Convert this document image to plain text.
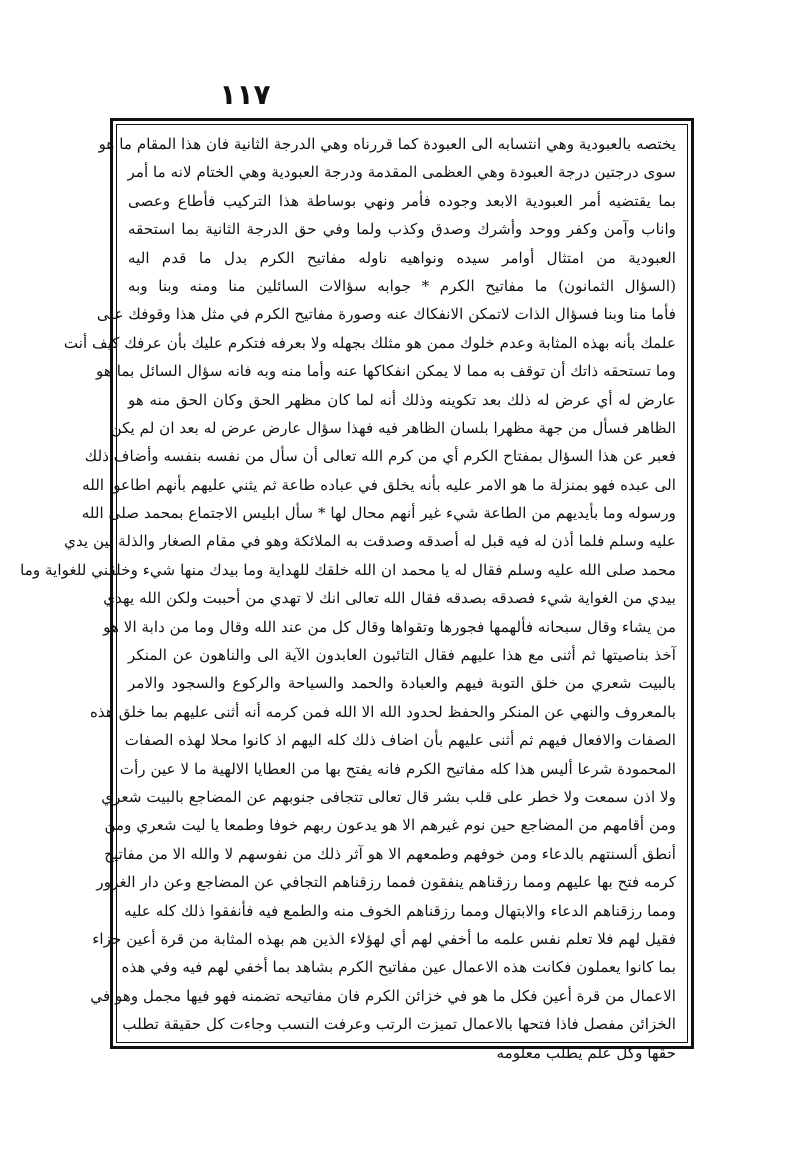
١١٧
يختصه بالعبودية وهي انتسابه الى العبودة كما قررناه وهي الدرجة الثانية فان هذا المقام ما هو
سوى درجتين درجة العبودة وهي العظمى المقدمة ودرجة العبودية وهي الختام لانه ما أمر
بما يقتضيه أمر العبودية الابعد وجوده فأمر ونهي بوساطة هذا التركيب فأطاع وعصى
واناب وآمن وكفر ووحد وأشرك وصدق وكذب ولما وفي حق الدرجة الثانية بما استحقه
العبودية من امتثال أوامر سيده ونواهيه ناوله مفاتيح الكرم بدل ما قدم اليه
(السؤال الثمانون) ما مفاتيح الكرم * جوابه سؤالات السائلين منا ومنه وبنا وبه
فأما منا وبنا فسؤال الذات لاتمكن الانفكاك عنه وصورة مفاتيح الكرم في مثل هذا وقوفك على
علمك بأنه بهذه المثابة وعدم خلوك ممن هو مثلك بجهله ولا بعرفه فتكرم عليك بأن عرفك كيف أنت
وما تستحقه ذاتك أن توقف به مما لا يمكن انفكاكها عنه وأما منه وبه فانه سؤال السائل بما هو
عارض له أي عرض له ذلك بعد تكوينه وذلك أنه لما كان مظهر الحق وكان الحق منه هو
الظاهر فسأل من جهة مظهرا بلسان الظاهر فيه فهذا سؤال عارض عرض له بعد ان لم يكن
فعبر عن هذا السؤال بمفتاح الكرم أي من كرم الله تعالى أن سأل من نفسه بنفسه وأضاف ذلك
الى عبده فهو بمنزلة ما هو الامر عليه بأنه يخلق في عباده طاعة ثم يثني عليهم بأنهم اطاعوا الله
ورسوله وما بأيديهم من الطاعة شيء غير أنهم محال لها * سأل ابليس الاجتماع بمحمد صلى الله
عليه وسلم فلما أذن له فيه قبل له أصدقه وصدقت به الملائكة وهو في مقام الصغار والذلة بين يدي
محمد صلى الله عليه وسلم فقال له يا محمد ان الله خلقك للهداية وما بيدك منها شيء وخلقني للغواية وما
بيدي من الغواية شيء فصدقه بصدقه فقال الله تعالى انك لا تهدي من أحببت ولكن الله يهدي
من يشاء وقال سبحانه فألهمها فجورها وتقواها وقال كل من عند الله وقال وما من دابة الا هو
آخذ بناصيتها ثم أثنى مع هذا عليهم فقال التائبون العابدون الآية الى والناهون عن المنكر
بالبيت شعري من خلق التوبة فيهم والعبادة والحمد والسياحة والركوع والسجود والامر
بالمعروف والنهي عن المنكر والحفظ لحدود الله الا الله فمن كرمه أنه أثنى عليهم بما خلق هذه
الصفات والافعال فيهم ثم أثنى عليهم بأن اضاف ذلك كله اليهم اذ كانوا محلا لهذه الصفات
المحمودة شرعا أليس هذا كله مفاتيح الكرم فانه يفتح بها من العطايا الالهية ما لا عين رأت
ولا اذن سمعت ولا خطر على قلب بشر قال تعالى تتجافى جنوبهم عن المضاجع بالبيت شعري
ومن أقامهم من المضاجع حين نوم غيرهم الا هو يدعون ربهم خوفا وطمعا يا ليت شعري ومن
أنطق ألسنتهم بالدعاء ومن خوفهم وطمعهم الا هو آثر ذلك من نفوسهم لا والله الا من مفاتيح
كرمه فتح بها عليهم ومما رزقناهم ينفقون فمما رزقناهم التجافي عن المضاجع وعن دار الغرور
ومما رزقناهم الدعاء والابتهال ومما رزقناهم الخوف منه والطمع فيه فأنفقوا ذلك كله عليه
فقيل لهم فلا تعلم نفس علمه ما أخفي لهم أي لهؤلاء الذين هم بهذه المثابة من قرة أعين جزاء
بما كانوا يعملون فكانت هذه الاعمال عين مفاتيح الكرم بشاهد بما أخفي لهم فيه وفي هذه
الاعمال من قرة أعين فكل ما هو في خزائن الكرم فان مفاتيحه تضمنه فهو فيها مجمل وهو في
الخزائن مفصل فاذا فتحها بالاعمال تميزت الرتب وعرفت النسب وجاءت كل حقيقة تطلب
حقها وكل علم يطلب معلومه
